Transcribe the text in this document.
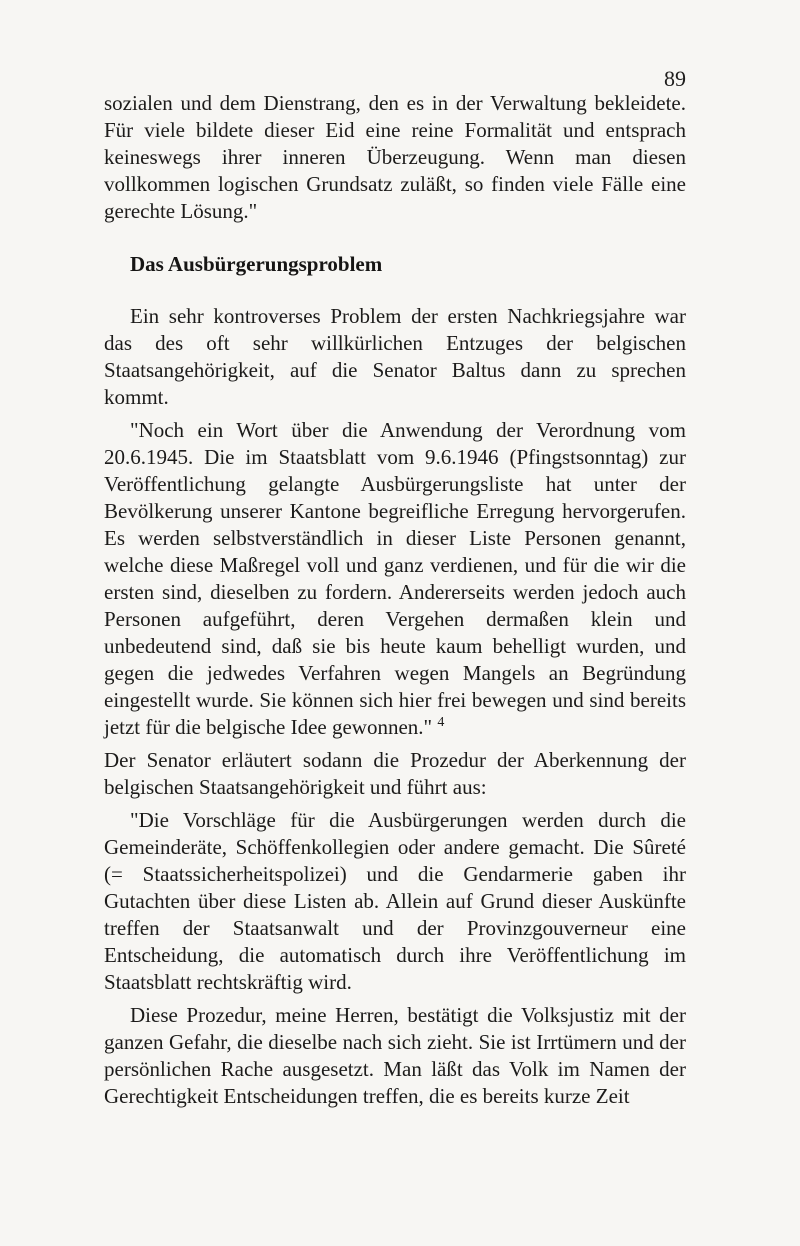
89

sozialen und dem Dienstrang, den es in der Verwaltung bekleidete. Für viele bildete dieser Eid eine reine Formalität und entsprach keineswegs ihrer inneren Überzeugung. Wenn man diesen vollkommen logischen Grundsatz zuläßt, so finden viele Fälle eine gerechte Lösung."

Das Ausbürgerungsproblem

Ein sehr kontroverses Problem der ersten Nachkriegsjahre war das des oft sehr willkürlichen Entzuges der belgischen Staatsangehörigkeit, auf die Senator Baltus dann zu sprechen kommt.

"Noch ein Wort über die Anwendung der Verordnung vom 20.6.1945. Die im Staatsblatt vom 9.6.1946 (Pfingstsonntag) zur Veröffentlichung gelangte Ausbürgerungsliste hat unter der Bevölkerung unserer Kantone begreifliche Erregung hervorgerufen. Es werden selbstverständlich in dieser Liste Personen genannt, welche diese Maßregel voll und ganz verdienen, und für die wir die ersten sind, dieselben zu fordern. Andererseits werden jedoch auch Personen aufgeführt, deren Vergehen dermaßen klein und unbedeutend sind, daß sie bis heute kaum behelligt wurden, und gegen die jedwedes Verfahren wegen Mangels an Begründung eingestellt wurde. Sie können sich hier frei bewegen und sind bereits jetzt für die belgische Idee gewonnen." $^4$

Der Senator erläutert sodann die Prozedur der Aberkennung der belgischen Staatsangehörigkeit und führt aus:

"Die Vorschläge für die Ausbürgerungen werden durch die Gemeinderäte, Schöffenkollegien oder andere gemacht. Die Sûreté (= Staatssicherheitspolizei) und die Gendarmerie gaben ihr Gutachten über diese Listen ab. Allein auf Grund dieser Auskünfte treffen der Staatsanwalt und der Provinzgouverneur eine Entscheidung, die automatisch durch ihre Veröffentlichung im Staatsblatt rechtskräftig wird.

Diese Prozedur, meine Herren, bestätigt die Volksjustiz mit der ganzen Gefahr, die dieselbe nach sich zieht. Sie ist Irrtümern und der persönlichen Rache ausgesetzt. Man läßt das Volk im Namen der Gerechtigkeit Entscheidungen treffen, die es bereits kurze Zeit
